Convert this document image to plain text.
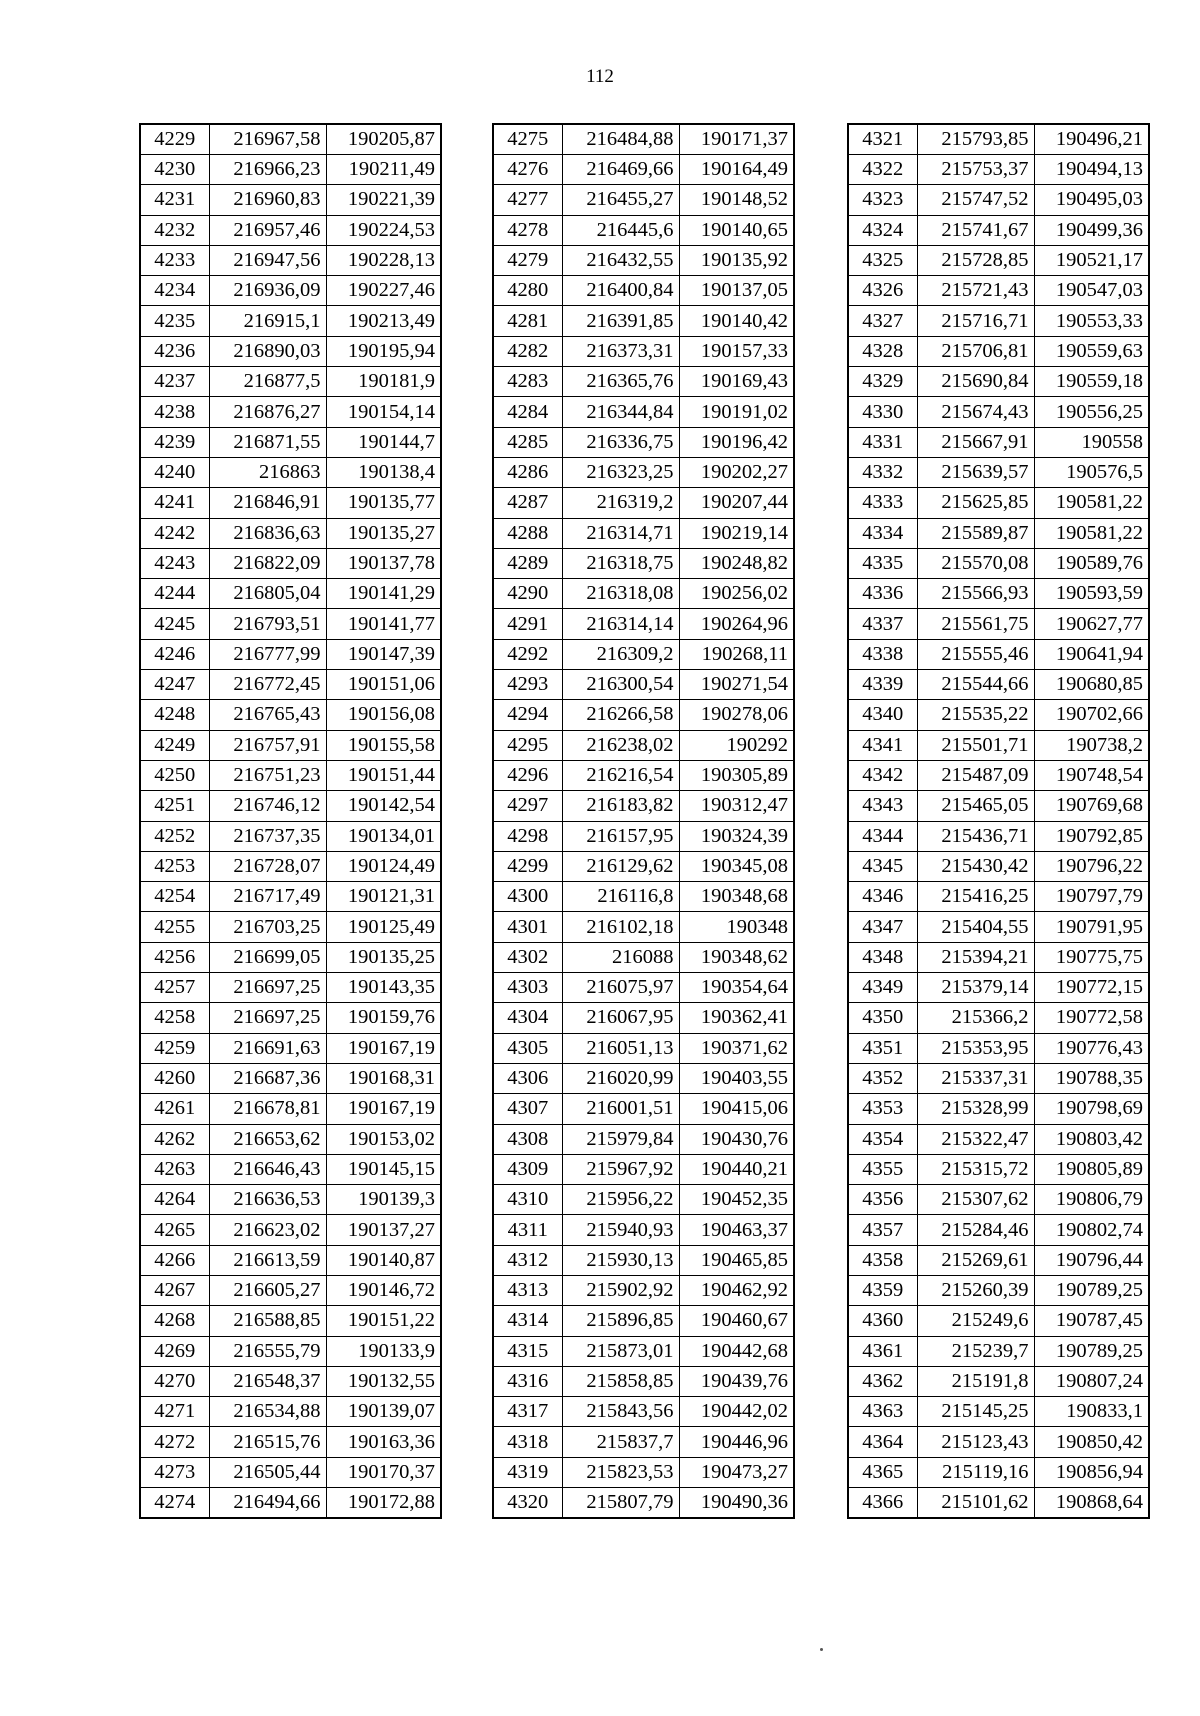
112
4229	216967,58	190205,87
4230	216966,23	190211,49
4231	216960,83	190221,39
4232	216957,46	190224,53
4233	216947,56	190228,13
4234	216936,09	190227,46
4235	216915,1	190213,49
4236	216890,03	190195,94
4237	216877,5	190181,9
4238	216876,27	190154,14
4239	216871,55	190144,7
4240	216863	190138,4
4241	216846,91	190135,77
4242	216836,63	190135,27
4243	216822,09	190137,78
4244	216805,04	190141,29
4245	216793,51	190141,77
4246	216777,99	190147,39
4247	216772,45	190151,06
4248	216765,43	190156,08
4249	216757,91	190155,58
4250	216751,23	190151,44
4251	216746,12	190142,54
4252	216737,35	190134,01
4253	216728,07	190124,49
4254	216717,49	190121,31
4255	216703,25	190125,49
4256	216699,05	190135,25
4257	216697,25	190143,35
4258	216697,25	190159,76
4259	216691,63	190167,19
4260	216687,36	190168,31
4261	216678,81	190167,19
4262	216653,62	190153,02
4263	216646,43	190145,15
4264	216636,53	190139,3
4265	216623,02	190137,27
4266	216613,59	190140,87
4267	216605,27	190146,72
4268	216588,85	190151,22
4269	216555,79	190133,9
4270	216548,37	190132,55
4271	216534,88	190139,07
4272	216515,76	190163,36
4273	216505,44	190170,37
4274	216494,66	190172,88
4275	216484,88	190171,37
4276	216469,66	190164,49
4277	216455,27	190148,52
4278	216445,6	190140,65
4279	216432,55	190135,92
4280	216400,84	190137,05
4281	216391,85	190140,42
4282	216373,31	190157,33
4283	216365,76	190169,43
4284	216344,84	190191,02
4285	216336,75	190196,42
4286	216323,25	190202,27
4287	216319,2	190207,44
4288	216314,71	190219,14
4289	216318,75	190248,82
4290	216318,08	190256,02
4291	216314,14	190264,96
4292	216309,2	190268,11
4293	216300,54	190271,54
4294	216266,58	190278,06
4295	216238,02	190292
4296	216216,54	190305,89
4297	216183,82	190312,47
4298	216157,95	190324,39
4299	216129,62	190345,08
4300	216116,8	190348,68
4301	216102,18	190348
4302	216088	190348,62
4303	216075,97	190354,64
4304	216067,95	190362,41
4305	216051,13	190371,62
4306	216020,99	190403,55
4307	216001,51	190415,06
4308	215979,84	190430,76
4309	215967,92	190440,21
4310	215956,22	190452,35
4311	215940,93	190463,37
4312	215930,13	190465,85
4313	215902,92	190462,92
4314	215896,85	190460,67
4315	215873,01	190442,68
4316	215858,85	190439,76
4317	215843,56	190442,02
4318	215837,7	190446,96
4319	215823,53	190473,27
4320	215807,79	190490,36
4321	215793,85	190496,21
4322	215753,37	190494,13
4323	215747,52	190495,03
4324	215741,67	190499,36
4325	215728,85	190521,17
4326	215721,43	190547,03
4327	215716,71	190553,33
4328	215706,81	190559,63
4329	215690,84	190559,18
4330	215674,43	190556,25
4331	215667,91	190558
4332	215639,57	190576,5
4333	215625,85	190581,22
4334	215589,87	190581,22
4335	215570,08	190589,76
4336	215566,93	190593,59
4337	215561,75	190627,77
4338	215555,46	190641,94
4339	215544,66	190680,85
4340	215535,22	190702,66
4341	215501,71	190738,2
4342	215487,09	190748,54
4343	215465,05	190769,68
4344	215436,71	190792,85
4345	215430,42	190796,22
4346	215416,25	190797,79
4347	215404,55	190791,95
4348	215394,21	190775,75
4349	215379,14	190772,15
4350	215366,2	190772,58
4351	215353,95	190776,43
4352	215337,31	190788,35
4353	215328,99	190798,69
4354	215322,47	190803,42
4355	215315,72	190805,89
4356	215307,62	190806,79
4357	215284,46	190802,74
4358	215269,61	190796,44
4359	215260,39	190789,25
4360	215249,6	190787,45
4361	215239,7	190789,25
4362	215191,8	190807,24
4363	215145,25	190833,1
4364	215123,43	190850,42
4365	215119,16	190856,94
4366	215101,62	190868,64
